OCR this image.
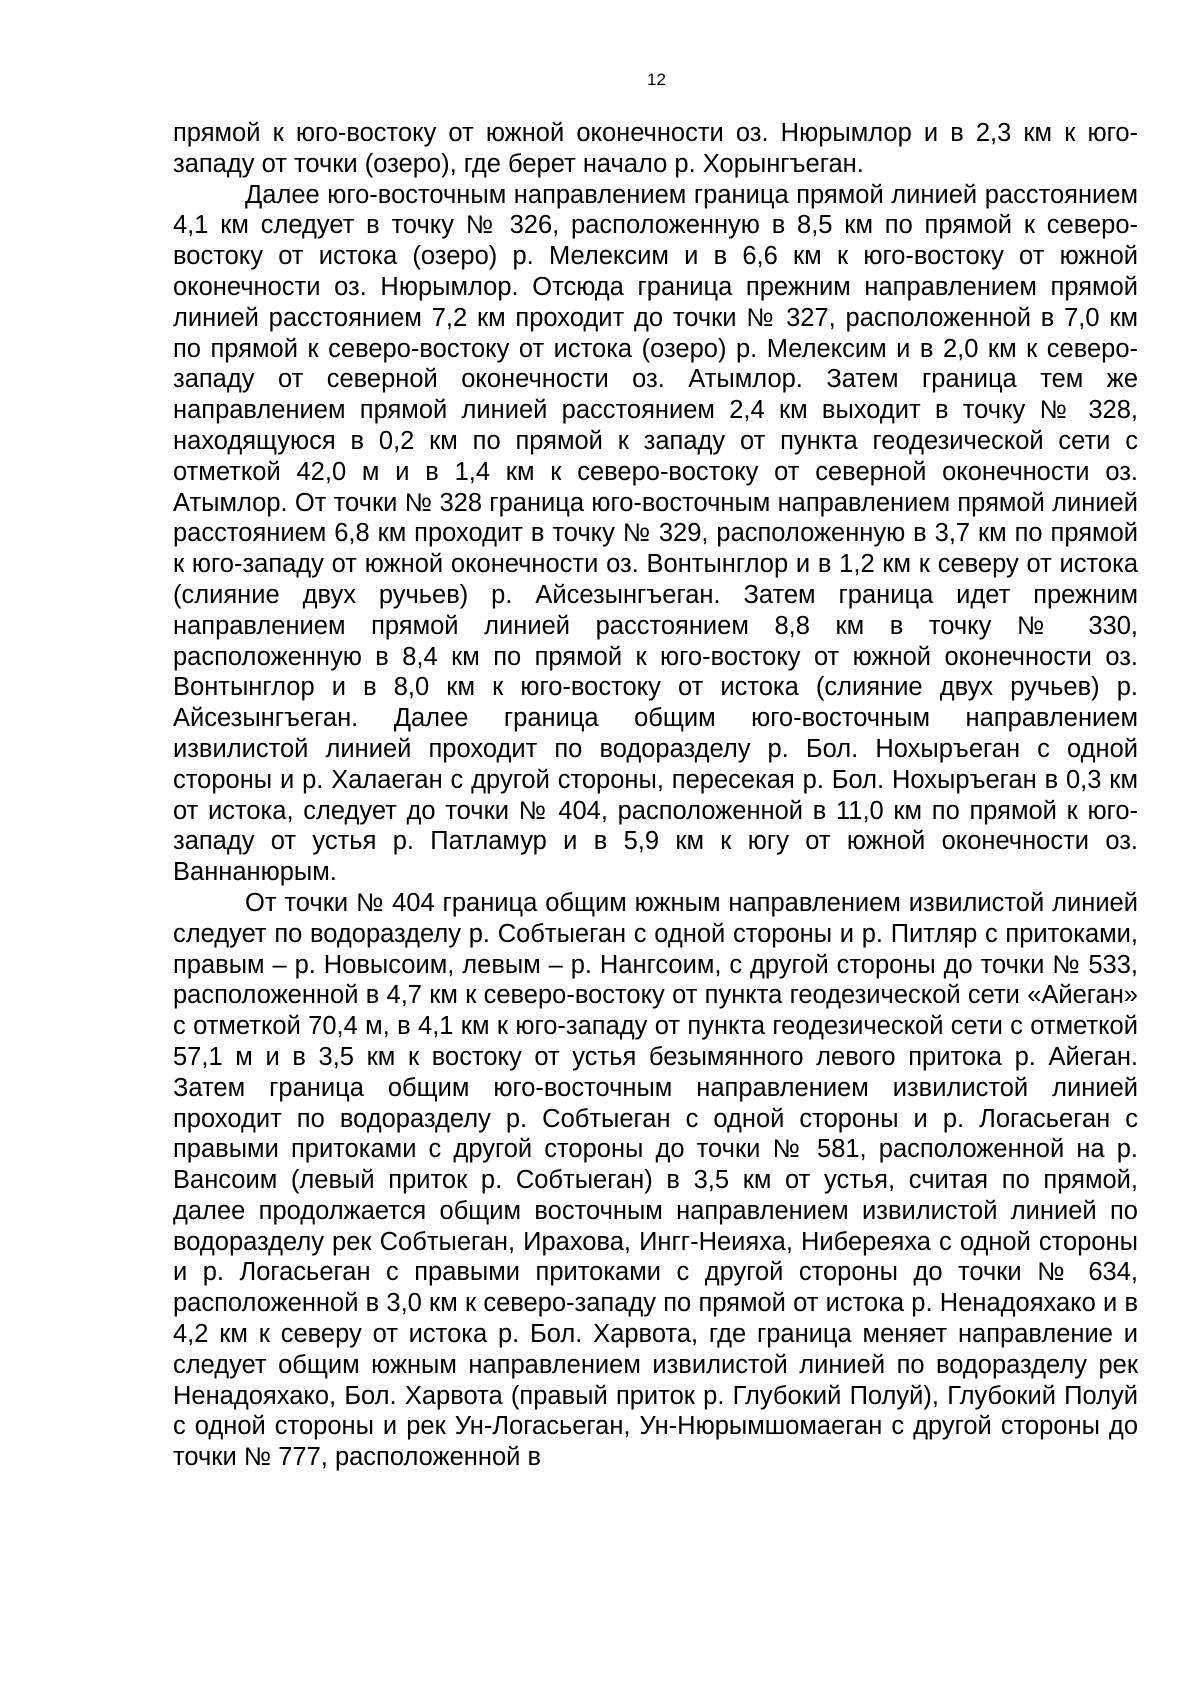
12

прямой к юго-востоку от южной оконечности оз. Нюрымлор и в 2,3 км к юго-западу от точки (озеро), где берет начало р. Хорынгъеган.

Далее юго-восточным направлением граница прямой линией расстоянием 4,1 км следует в точку № 326, расположенную в 8,5 км по прямой к северо-востоку от истока (озеро) р. Мелексим и в 6,6 км к юго-востоку от южной оконечности оз. Нюрымлор. Отсюда граница прежним направлением прямой линией расстоянием 7,2 км проходит до точки № 327, расположенной в 7,0 км по прямой к северо-востоку от истока (озеро) р. Мелексим и в 2,0 км к северо-западу от северной оконечности оз. Атымлор. Затем граница тем же направлением прямой линией расстоянием 2,4 км выходит в точку № 328, находящуюся в 0,2 км по прямой к западу от пункта геодезической сети с отметкой 42,0 м и в 1,4 км к северо-востоку от северной оконечности оз. Атымлор. От точки № 328 граница юго-восточным направлением прямой линией расстоянием 6,8 км проходит в точку № 329, расположенную в 3,7 км по прямой к юго-западу от южной оконечности оз. Вонтынглор и в 1,2 км к северу от истока (слияние двух ручьев) р. Айсезынгъеган. Затем граница идет прежним направлением прямой линией расстоянием 8,8 км в точку № 330, расположенную в 8,4 км по прямой к юго-востоку от южной оконечности оз. Вонтынглор и в 8,0 км к юго-востоку от истока (слияние двух ручьев) р. Айсезынгъеган. Далее граница общим юго-восточным направлением извилистой линией проходит по водоразделу р. Бол. Нохыръеган с одной стороны и р. Халаеган с другой стороны, пересекая р. Бол. Нохыръеган в 0,3 км от истока, следует до точки № 404, расположенной в 11,0 км по прямой к юго-западу от устья р. Патламур и в 5,9 км к югу от южной оконечности оз. Ваннанюрым.

От точки № 404 граница общим южным направлением извилистой линией следует по водоразделу р. Собтыеган с одной стороны и р. Питляр с притоками, правым – р. Новысоим, левым – р. Нангсоим, с другой стороны до точки № 533, расположенной в 4,7 км к северо-востоку от пункта геодезической сети «Айеган» с отметкой 70,4 м, в 4,1 км к юго-западу от пункта геодезической сети с отметкой 57,1 м и в 3,5 км к востоку от устья безымянного левого притока р. Айеган. Затем граница общим юго-восточным направлением извилистой линией проходит по водоразделу р. Собтыеган с одной стороны и р. Логасьеган с правыми притоками с другой стороны до точки № 581, расположенной на р. Вансоим (левый приток р. Собтыеган) в 3,5 км от устья, считая по прямой, далее продолжается общим восточным направлением извилистой линией по водоразделу рек Собтыеган, Ирахова, Ингг-Неияха, Нибереяха с одной стороны и р. Логасьеган с правыми притоками с другой стороны до точки № 634, расположенной в 3,0 км к северо-западу по прямой от истока р. Ненадояхако и в 4,2 км к северу от истока р. Бол. Харвота, где граница меняет направление и следует общим южным направлением извилистой линией по водоразделу рек Ненадояхако, Бол. Харвота (правый приток р. Глубокий Полуй), Глубокий Полуй с одной стороны и рек Ун-Логасьеган, Ун-Нюрымшомаеган с другой стороны до точки № 777, расположенной в
